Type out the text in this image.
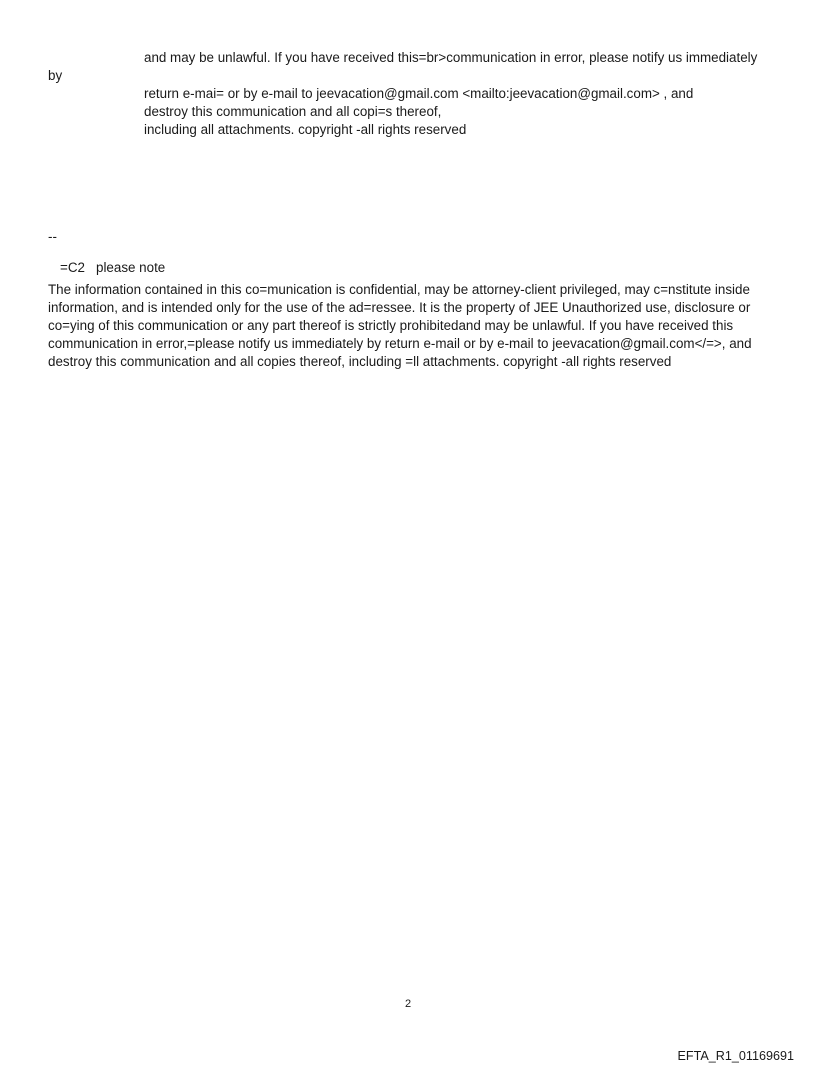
and may be unlawful. If you have received this=br>communication in error, please notify us immediately

by

return e-mai= or by e-mail to jeevacation@gmail.com <mailto:jeevacation@gmail.com> , and

destroy this communication and all copi=s thereof,

including all attachments. copyright -all rights reserved

--

=C2 please note

The information contained in this co=munication is confidential, may be attorney-client privileged, may c=nstitute inside information, and is intended only for the use of the ad=ressee. It is the property of JEE Unauthorized use, disclosure or co=ying of this communication or any part thereof is strictly prohibitedand may be unlawful. If you have received this communication in error,=please notify us immediately by return e-mail or by e-mail to jeevacation@gmail.com</=>, and destroy this communication and all copies thereof, including =ll attachments. copyright -all rights reserved

2
EFTA_R1_01169691
